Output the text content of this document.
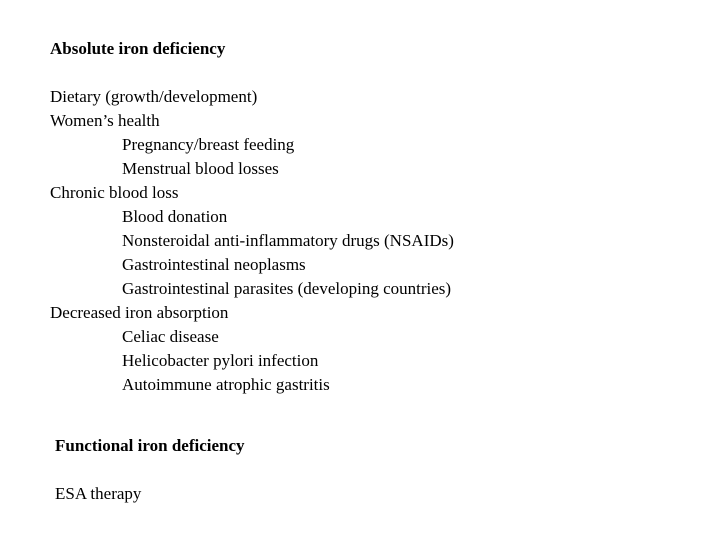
Absolute iron deficiency
Dietary (growth/development)
Women’s health
Pregnancy/breast feeding
Menstrual blood losses
Chronic blood loss
Blood donation
Nonsteroidal anti-inflammatory drugs (NSAIDs)
Gastrointestinal neoplasms
Gastrointestinal parasites (developing countries)
Decreased iron absorption
Celiac disease
Helicobacter pylori infection
Autoimmune atrophic gastritis
Functional iron deficiency
ESA therapy
